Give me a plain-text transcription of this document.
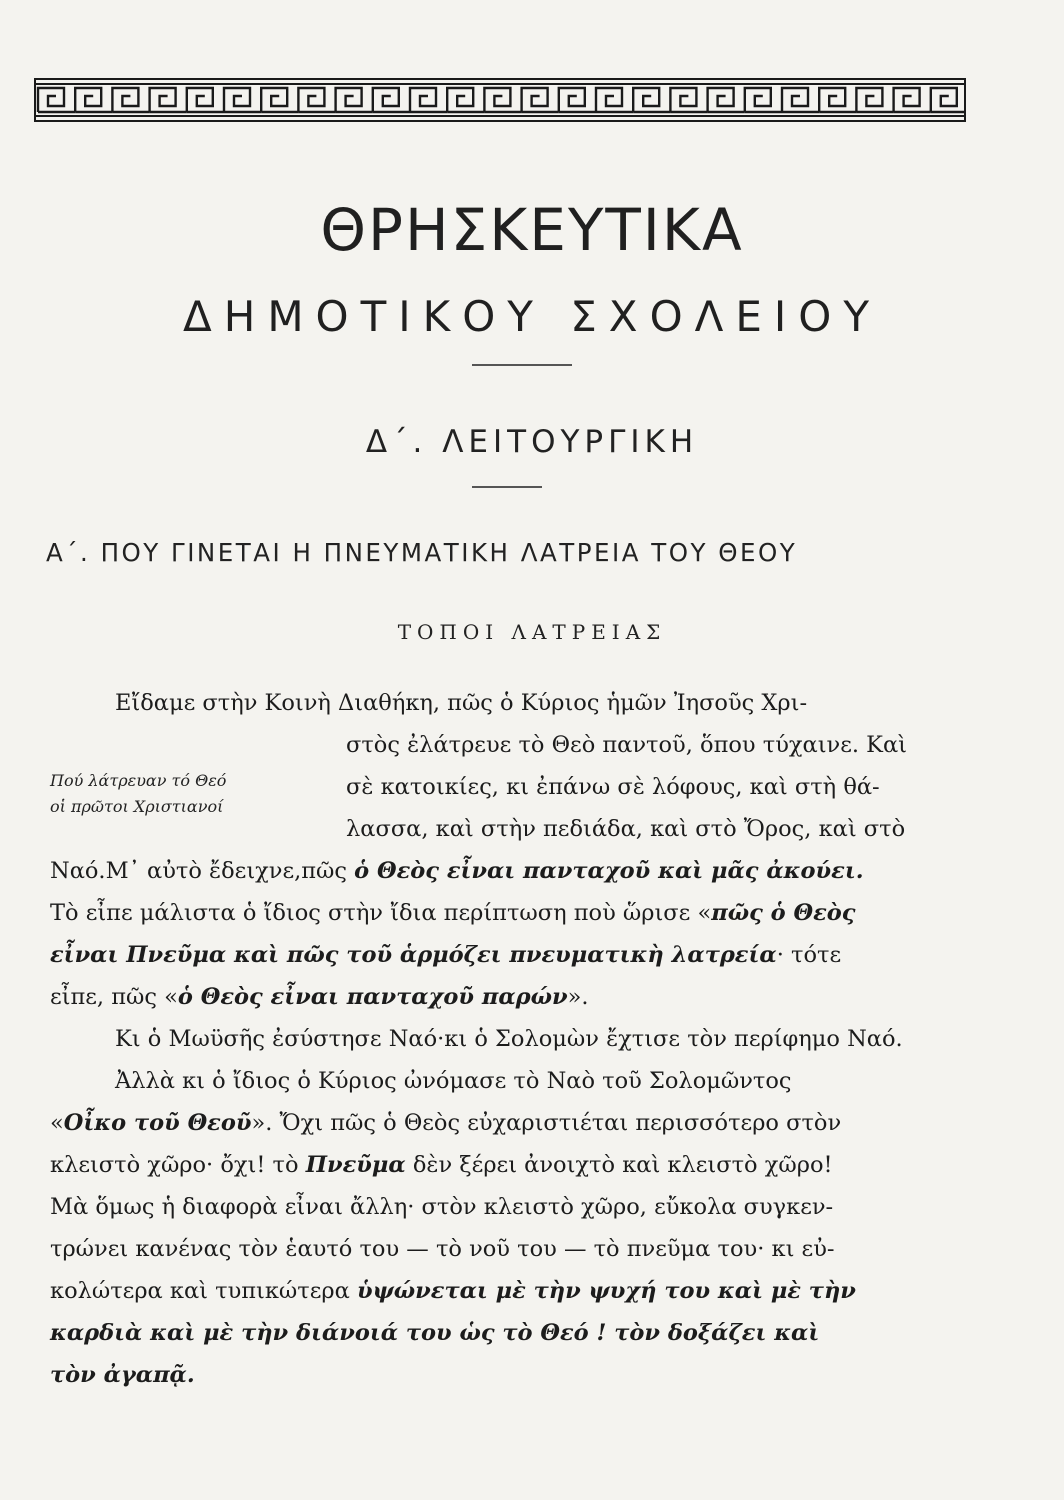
ΘΡΗΣΚΕΥΤΙΚΑ
ΔΗΜΟΤΙΚΟΥ ΣΧΟΛΕΙΟΥ
Δ΄. ΛΕΙΤΟΥΡΓΙΚΗ
Α΄. ΠΟΥ ΓΙΝΕΤΑΙ Η ΠΝΕΥΜΑΤΙΚΗ ΛΑΤΡΕΙΑ ΤΟΥ ΘΕΟΥ
ΤΟΠΟΙ ΛΑΤΡΕΙΑΣ
Πού λάτρευαν τό Θεό
οἱ πρῶτοι Χριστιανοί
Εἴδαμε στὴν Κοινὴ Διαθήκη, πῶς ὁ Κύριος ἡμῶν Ἰησοῦς Χρι-
στὸς ἐλάτρευε τὸ Θεὸ παντοῦ, ὅπου τύχαινε. Καὶ
σὲ κατοικίες, κι ἐπάνω σὲ λόφους, καὶ στὴ θά-
λασσα, καὶ στὴν πεδιάδα, καὶ στὸ Ὄρος, καὶ στὸ
Ναό.Μ᾽ αὐτὸ ἔδειχνε,πῶς ὁ Θεὸς εἶναι πανταχοῦ καὶ μᾶς ἀκούει.
Τὸ εἶπε μάλιστα ὁ ἴδιος στὴν ἴδια περίπτωση ποὺ ὥρισε «πῶς ὁ Θεὸς
εἶναι Πνεῦμα καὶ πῶς τοῦ ἁρμόζει πνευματικὴ λατρεία· τότε
εἶπε, πῶς «ὁ Θεὸς εἶναι πανταχοῦ παρών».
Κι ὁ Μωϋσῆς ἐσύστησε Ναό·κι ὁ Σολομὼν ἔχτισε τὸν περίφημο Ναό.
Ἀλλὰ κι ὁ ἴδιος ὁ Κύριος ὠνόμασε τὸ Ναὸ τοῦ Σολομῶντος
«Οἶκο τοῦ Θεοῦ». Ὄχι πῶς ὁ Θεὸς εὐχαριστιέται περισσότερο στὸν
κλειστὸ χῶρο· ὄχι! τὸ Πνεῦμα δὲν ξέρει ἀνοιχτὸ καὶ κλειστὸ χῶρο!
Μὰ ὅμως ἡ διαφορὰ εἶναι ἄλλη· στὸν κλειστὸ χῶρο, εὔκολα συγκεν-
τρώνει κανένας τὸν ἑαυτό του — τὸ νοῦ του — τὸ πνεῦμα του· κι εὐ-
κολώτερα καὶ τυπικώτερα ὑψώνεται μὲ τὴν ψυχή του καὶ μὲ τὴν
καρδιὰ καὶ μὲ τὴν διάνοιά του ὡς τὸ Θεό ! τὸν δοξάζει καὶ
τὸν ἀγαπᾷ.
